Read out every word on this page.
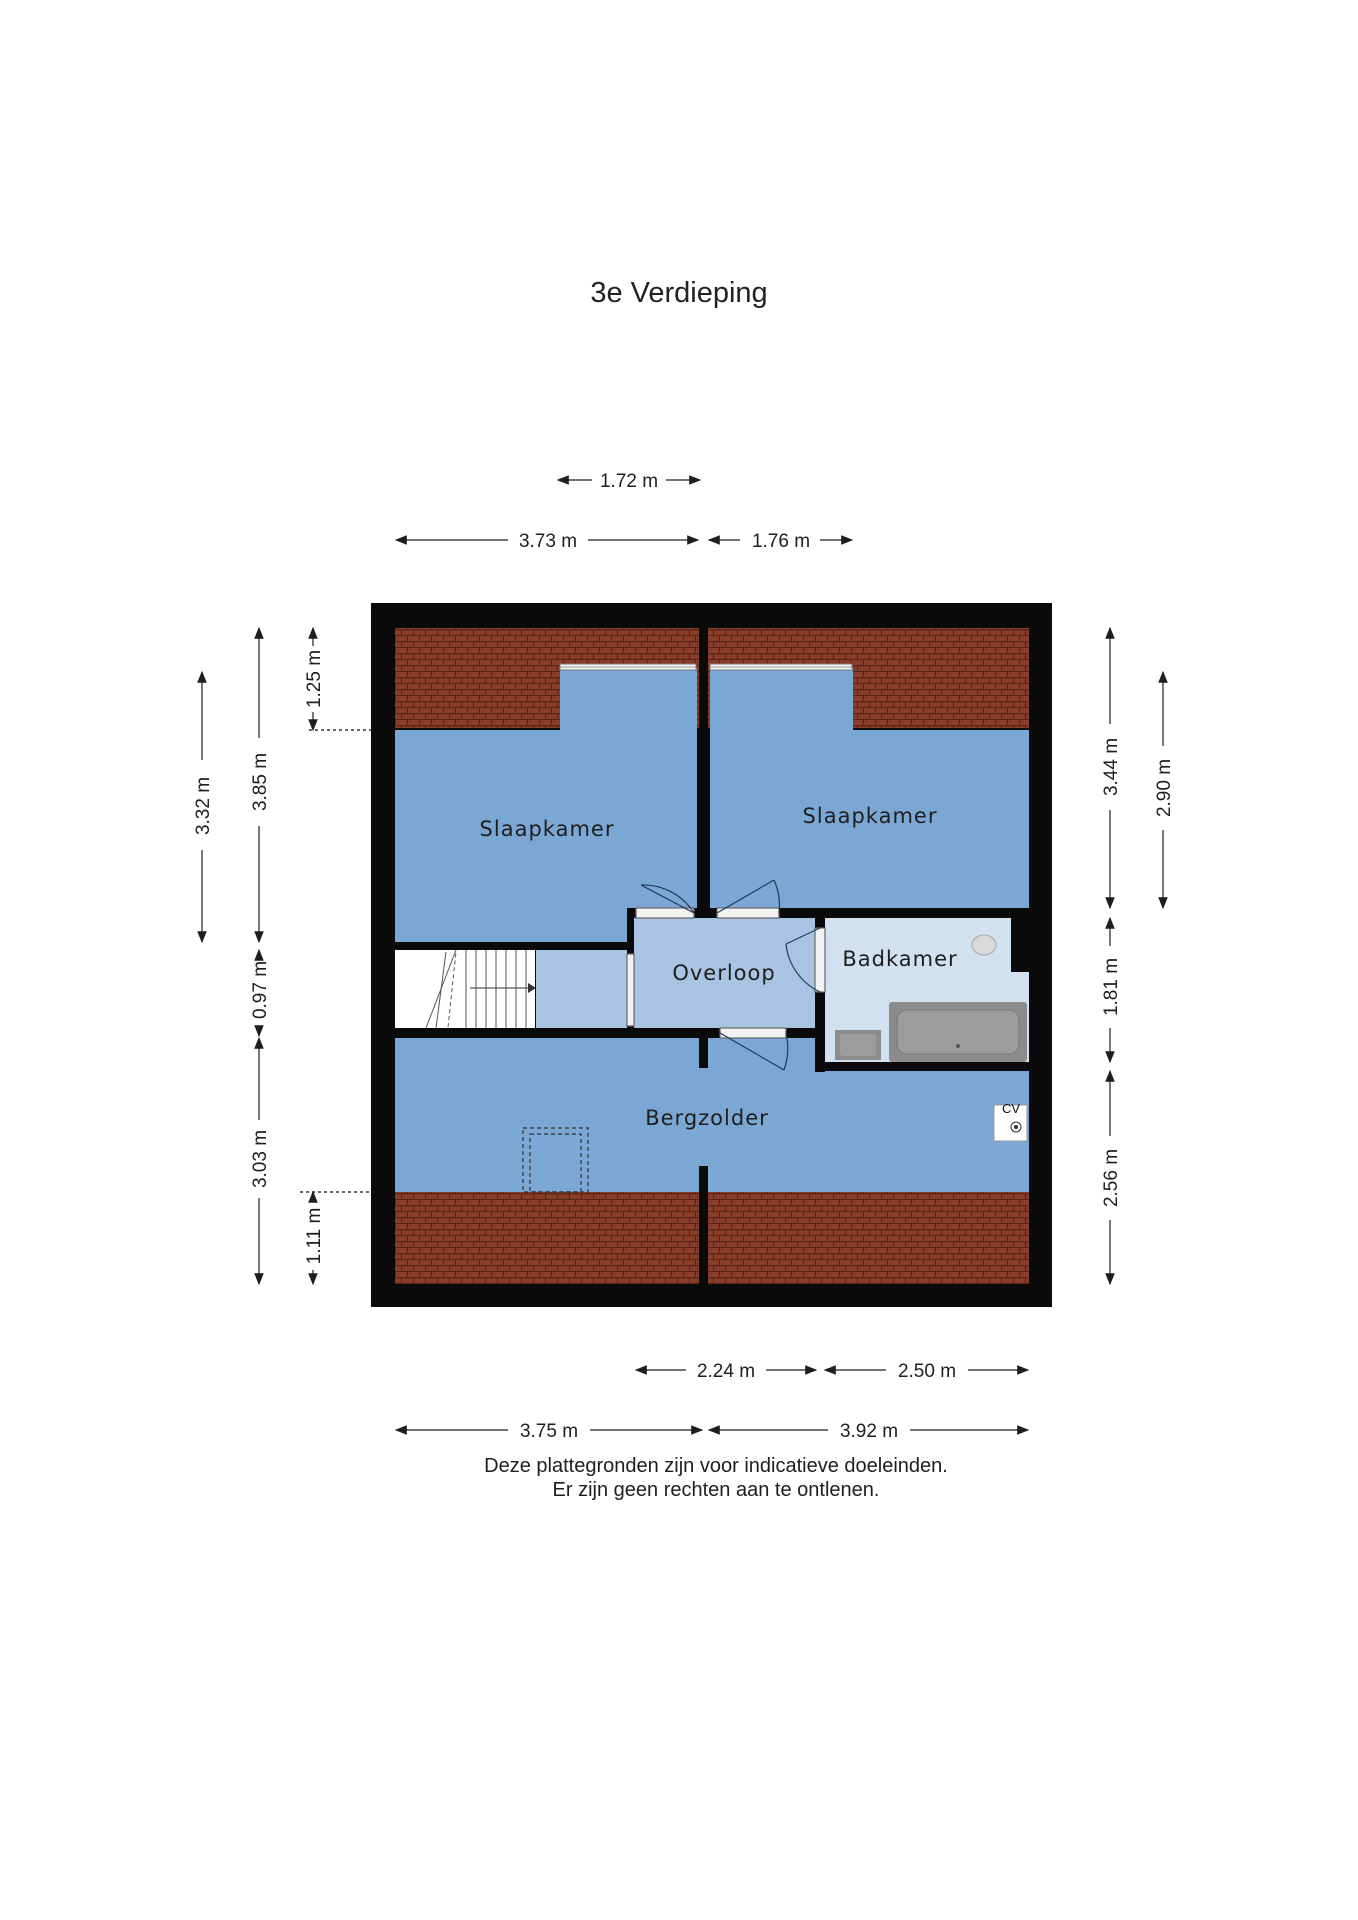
3e Verdieping
CV
Slaapkamer
Slaapkamer
Overloop
Badkamer
Bergzolder
1.72 m
3.73 m	1.76 m
2.24 m	2.50 m
3.75 m	3.92 m
3.32 m 3.85 m
1.25 m
0.97 m
3.03 m
1.11 m
3.44 m 2.90 m
1.81 m
2.56 m
Deze plattegronden zijn voor indicatieve doeleinden.
Er zijn geen rechten aan te ontlenen.
